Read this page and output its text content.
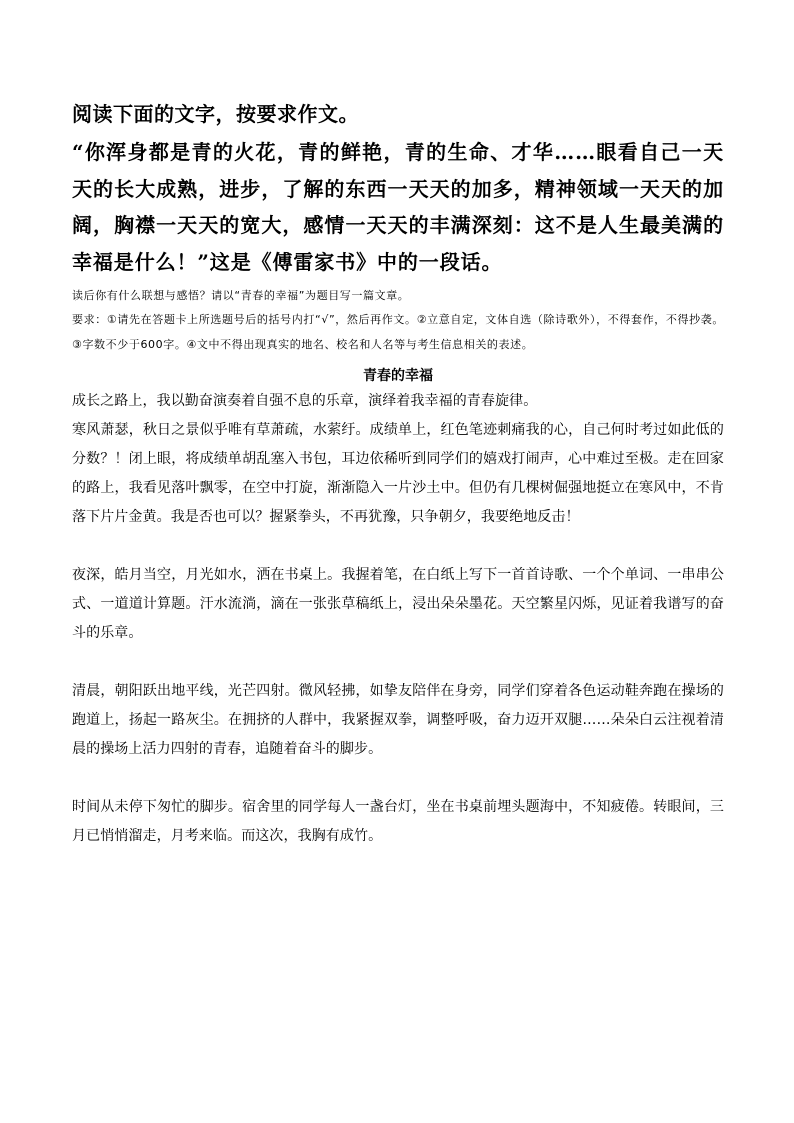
阅读下面的文字，按要求作文。

“你浑身都是青的火花，青的鲜艳，青的生命、才华……眼看自己一天天的长大成熟，进步，了解的东西一天天的加多，精神领域一天天的加阔，胸襟一天天的宽大，感情一天天的丰满深刻：这不是人生最美满的幸福是什么！”这是《傅雷家书》中的一段话。

读后你有什么联想与感悟？请以“青春的幸福”为题目写一篇文章。

要求：①请先在答题卡上所选题号后的括号内打“√”，然后再作文。②立意自定，文体自选（除诗歌外），不得套作，不得抄袭。③字数不少于600字。④文中不得出现真实的地名、校名和人名等与考生信息相关的表述。

青春的幸福

成长之路上，我以勤奋演奏着自强不息的乐章，演绎着我幸福的青春旋律。

寒风萧瑟，秋日之景似乎唯有草萧疏，水萦纡。成绩单上，红色笔迹刺痛我的心，自己何时考过如此低的分数？！闭上眼，将成绩单胡乱塞入书包，耳边依稀听到同学们的嬉戏打闹声，心中难过至极。走在回家的路上，我看见落叶飘零，在空中打旋，渐渐隐入一片沙土中。但仍有几棵树倔强地挺立在寒风中，不肯落下片片金黄。我是否也可以？握紧拳头，不再犹豫，只争朝夕，我要绝地反击！

夜深，皓月当空，月光如水，洒在书桌上。我握着笔，在白纸上写下一首首诗歌、一个个单词、一串串公式、一道道计算题。汗水流淌，滴在一张张草稿纸上，浸出朵朵墨花。天空繁星闪烁，见证着我谱写的奋斗的乐章。

清晨，朝阳跃出地平线，光芒四射。微风轻拂，如挚友陪伴在身旁，同学们穿着各色运动鞋奔跑在操场的跑道上，扬起一路灰尘。在拥挤的人群中，我紧握双拳，调整呼吸，奋力迈开双腿……朵朵白云注视着清晨的操场上活力四射的青春，追随着奋斗的脚步。

时间从未停下匆忙的脚步。宿舍里的同学每人一盏台灯，坐在书桌前埋头题海中，不知疲倦。转眼间，三月已悄悄溜走，月考来临。而这次，我胸有成竹。
